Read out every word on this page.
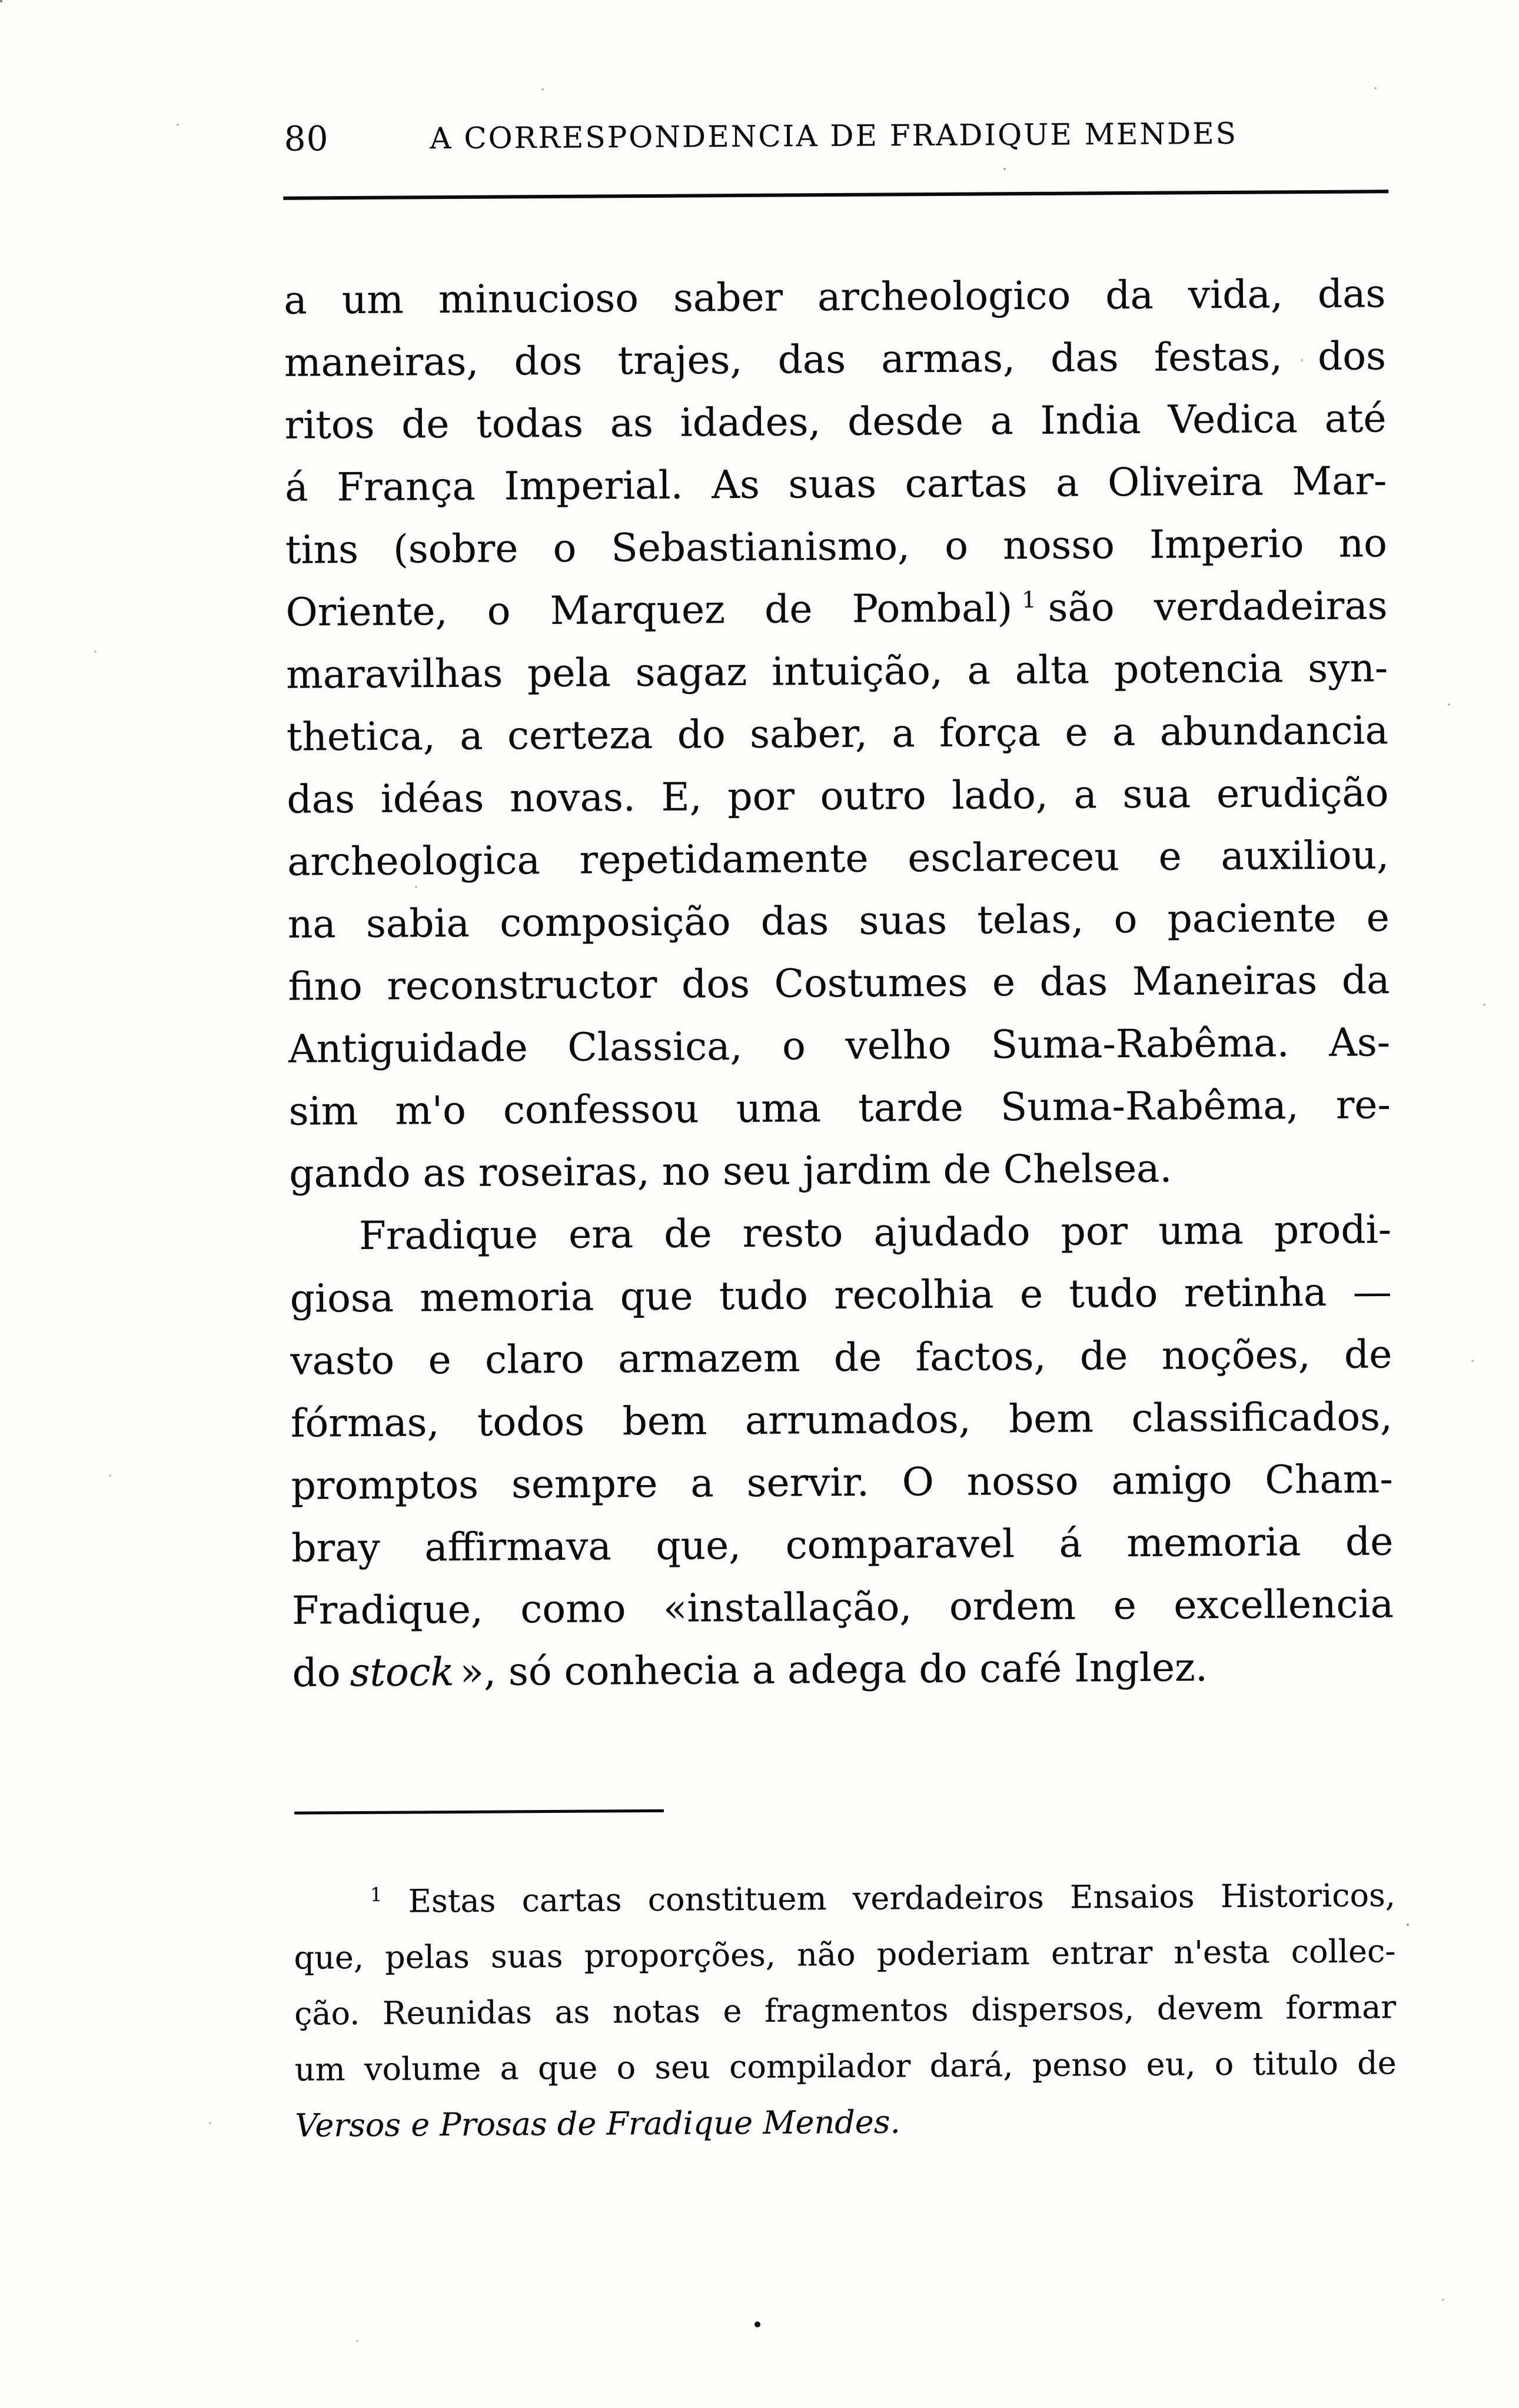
80	A CORRESPONDENCIA DE FRADIQUE MENDES
a um minucioso saber archeologico da vida, das
maneiras, dos trajes, das armas, das festas, dos
ritos de todas as idades, desde a India Vedica até
á França Imperial. As suas cartas a Oliveira Mar-
tins (sobre o Sebastianismo, o nosso Imperio no
Oriente, o Marquez de Pombal) $^1$ são verdadeiras
maravilhas pela sagaz intuição, a alta potencia syn-
thetica, a certeza do saber, a força e a abundancia
das idéas novas. E, por outro lado, a sua erudição
archeologica repetidamente esclareceu e auxiliou,
na sabia composição das suas telas, o paciente e
fino reconstructor dos Costumes e das Maneiras da
Antiguidade Classica, o velho Suma-Rabêma. As-
sim m'o confessou uma tarde Suma-Rabêma, re-
gando as roseiras, no seu jardim de Chelsea.
Fradique era de resto ajudado por uma prodi-
giosa memoria que tudo recolhia e tudo retinha —
vasto e claro armazem de factos, de noções, de
fórmas, todos bem arrumados, bem classificados,
promptos sempre a servir. O nosso amigo Cham-
bray affirmava que, comparavel á memoria de
Fradique, como «installação, ordem e excellencia
do stock », só conhecia a adega do café Inglez.
$^1$ Estas cartas constituem verdadeiros Ensaios Historicos,
que, pelas suas proporções, não poderiam entrar n'esta collec-
ção. Reunidas as notas e fragmentos dispersos, devem formar
um volume a que o seu compilador dará, penso eu, o titulo de
Versos e Prosas de Fradique Mendes.
